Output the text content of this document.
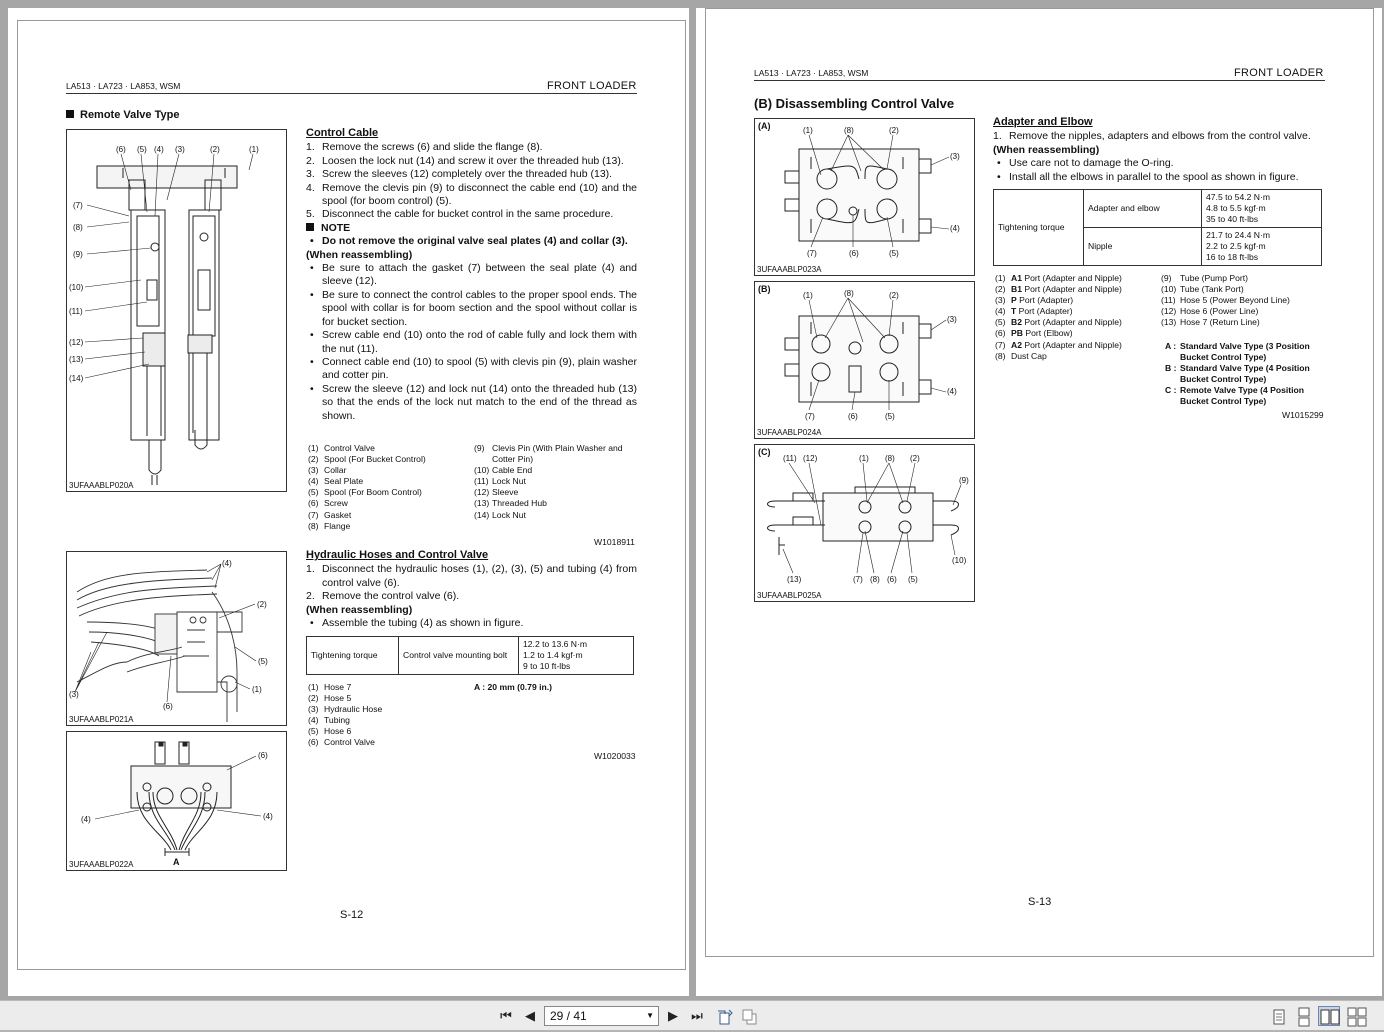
LA513 · LA723 · LA853, WSM	FRONT LOADER
Remote Valve Type
(6) (5) (4) (3)	(2)	(1)
(7)
(8)
(9)
(10)
(11)
(12)
(13)
(14)
3UFAAABLP020A
(4)
(2)
(5)
(1)
(3)
(6)
3UFAAABLP021A
(6)
(4)	(4)
A
3UFAAABLP022A
Control Cable
1. Remove the screws (6) and slide the flange (8).
2. Loosen the lock nut (14) and screw it over the threaded hub (13).
3. Screw the sleeves (12) completely over the threaded hub (13).
4. Remove the clevis pin (9) to disconnect the cable end (10) and the spool (for boom control) (5).
5. Disconnect the cable for bucket control in the same procedure.
NOTE
• Do not remove the original valve seal plates (4) and collar (3).
(When reassembling)
• Be sure to attach the gasket (7) between the seal plate (4) and sleeve (12).
• Be sure to connect the control cables to the proper spool ends. The spool with collar is for boom section and the spool without collar is for bucket section.
• Screw cable end (10) onto the rod of cable fully and lock them with the nut (11).
• Connect cable end (10) to spool (5) with clevis pin (9), plain washer and cotter pin.
• Screw the sleeve (12) and lock nut (14) onto the threaded hub (13) so that the ends of the lock nut match to the end of the thread as shown.
(1) Control Valve
(2) Spool (For Bucket Control)
(3) Collar
(4) Seal Plate
(5) Spool (For Boom Control)
(6) Screw
(7) Gasket
(8) Flange
(9) Clevis Pin (With Plain Washer and
Cotter Pin)
(10) Cable End
(11) Lock Nut
(12) Sleeve
(13) Threaded Hub
(14) Lock Nut
W1018911
Hydraulic Hoses and Control Valve
1. Disconnect the hydraulic hoses (1), (2), (3), (5) and tubing (4) from control valve (6).
2. Remove the control valve (6).
(When reassembling)
• Assemble the tubing (4) as shown in figure.
Tightening torque	Control valve mounting bolt	
12.2 to 13.6 N·m
1.2 to 1.4 kgf·m
9 to 10 ft-lbs
(1) Hose 7
(2) Hose 5
(3) Hydraulic Hose
(4) Tubing
(5) Hose 6
(6) Control Valve
A : 20 mm (0.79 in.)
W1020033
S-12
LA513 · LA723 · LA853, WSM	FRONT LOADER
(B) Disassembling Control Valve
(A)	(1)	(8)	(2)
(3)
(4)
(7)	(6)	(5)
3UFAAABLP023A
(B)
(1)	(8)	(2)
(3)
(4)
(7)	(6)	(5)
3UFAAABLP024A
(C)
(11) (12)	(1) (8) (2)
(9)
(10)
(13)	(7) (8) (6) (5)
3UFAAABLP025A
Adapter and Elbow
1. Remove the nipples, adapters and elbows from the control valve.
(When reassembling)
• Use care not to damage the O-ring.
• Install all the elbows in parallel to the spool as shown in figure.
Tightening torque	Adapter and elbow	47.5 to 54.2 N·m
4.8 to 5.5 kgf·m
35 to 40 ft-lbs

	Nipple	21.7 to 24.4 N·m
2.2 to 2.5 kgf·m
16 to 18 ft-lbs
(1) A1 Port (Adapter and Nipple)
(2) B1 Port (Adapter and Nipple)
(3) P Port (Adapter)
(4) T Port (Adapter)
(5) B2 Port (Adapter and Nipple)
(6) PB Port (Elbow)
(7) A2 Port (Adapter and Nipple)
(8) Dust Cap
(9) Tube (Pump Port)
(10) Tube (Tank Port)
(11) Hose 5 (Power Beyond Line)
(12) Hose 6 (Power Line)
(13) Hose 7 (Return Line)
A : Standard Valve Type (3 Position
Bucket Control Type)
B : Standard Valve Type (4 Position
Bucket Control Type)
C : Remote Valve Type (4 Position
Bucket Control Type)
W1015299
S-13
⏮ ◀	29 / 41	▼ ▶ ⏭
